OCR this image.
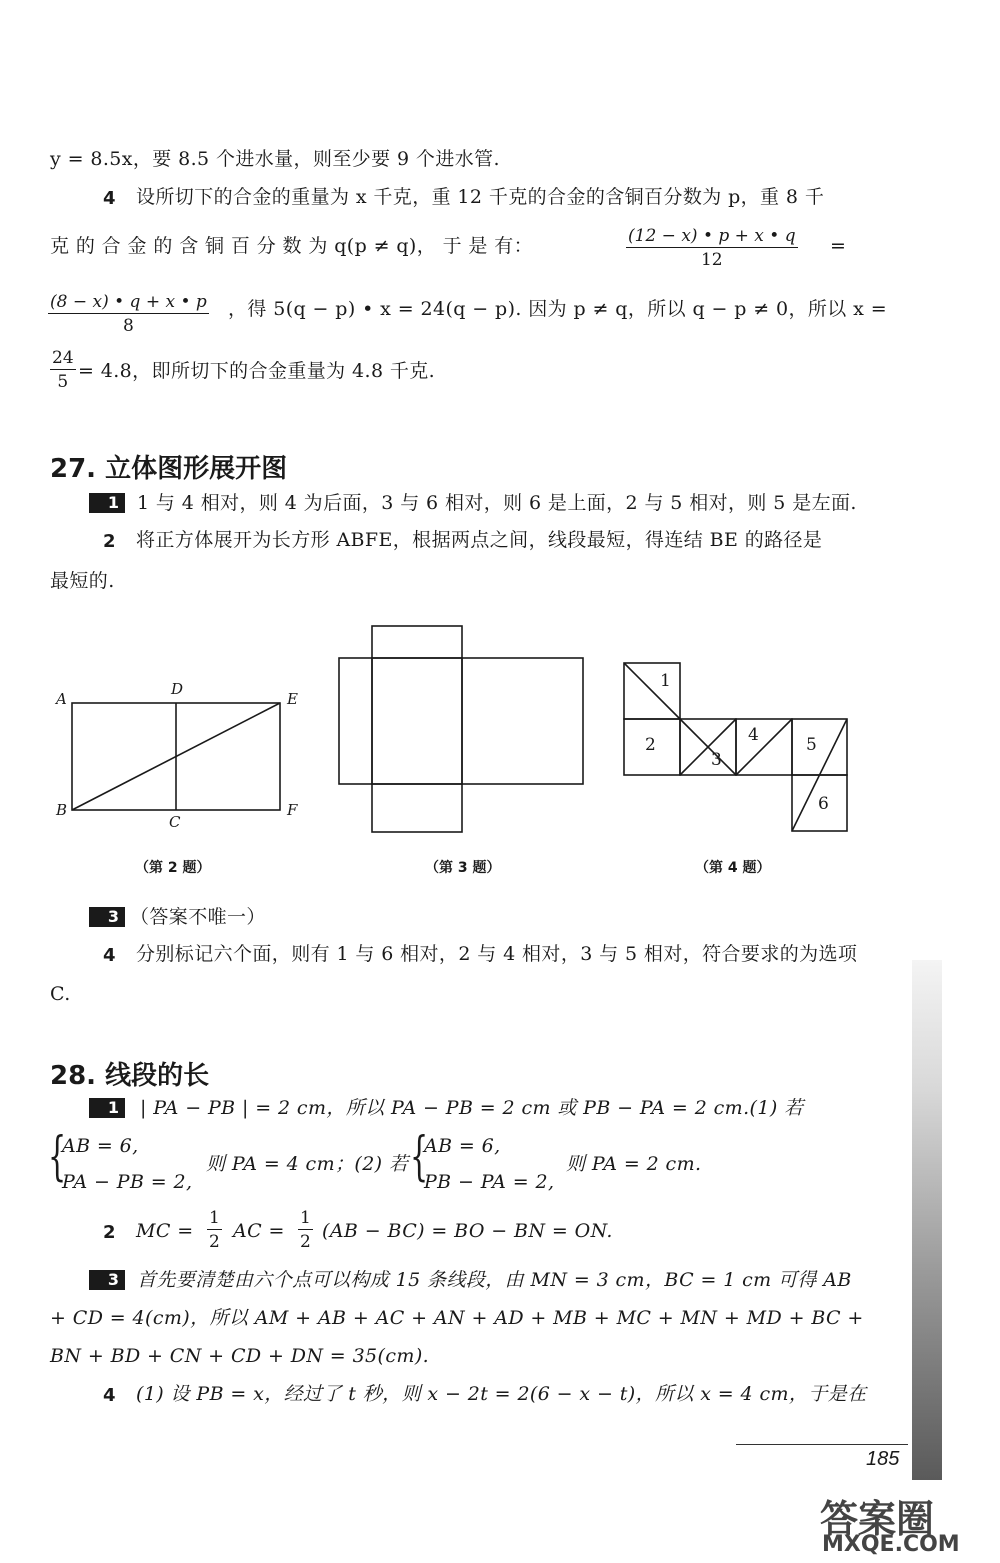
y = 8.5x，要 8.5 个进水量，则至少要 9 个进水管.
4 设所切下的合金的重量为 x 千克，重 12 千克的合金的含铜百分数为 p，重 8 千
克 的 合 金 的 含 铜 百 分 数 为 q(p ≠ q)， 于 是 有：	$\frac{(12 - x) • p + x • q}{12}$ =
$\frac{(8 - x) • q + x • p}{8}$ ，得 5(q − p) • x = 24(q − p). 因为 p ≠ q，所以 q − p ≠ 0，所以 x =
$\frac{24}{5} = 4.8$，即所切下的合金重量为 4.8 千克.
27. 立体图形展开图
1 1 与 4 相对，则 4 为后面，3 与 6 相对，则 6 是上面，2 与 5 相对，则 5 是左面.
2 将正方体展开为长方形 ABFE，根据两点之间，线段最短，得连结 BE 的路径是
最短的.
A
D
E
B
C
F
1
2
3
4	5
6
（第 2 题）	（第 3 题）	（第 4 题）
3 （答案不唯一）
4 分别标记六个面，则有 1 与 6 相对，2 与 4 相对，3 与 5 相对，符合要求的为选项
C.
28. 线段的长
1	| PA − PB | = 2 cm，所以 PA − PB = 2 cm 或 PB − PA = 2 cm.(1) 若
{
AB = 6,
PA − PB = 2,
则 PA = 4 cm；(2) 若 {
AB = 6,
PB − PA = 2,
则 PA = 2 cm.
2 MC = $\frac{1}{2}$ AC = $\frac{1}{2} (AB - BC)$ = BO − BN = ON.
3 首先要清楚由六个点可以构成 15 条线段，由 MN = 3 cm，BC = 1 cm 可得 AB
+ CD = 4(cm)，所以 AM + AB + AC + AN + AD + MB + MC + MN + MD + BC +
BN + BD + CN + CD + DN = 35(cm).
4 (1) 设 PB = x，经过了 t 秒，则 x − 2t = 2(6 − x − t)，所以 x = 4 cm，于是在
185
答案圈
MXQE.COM
